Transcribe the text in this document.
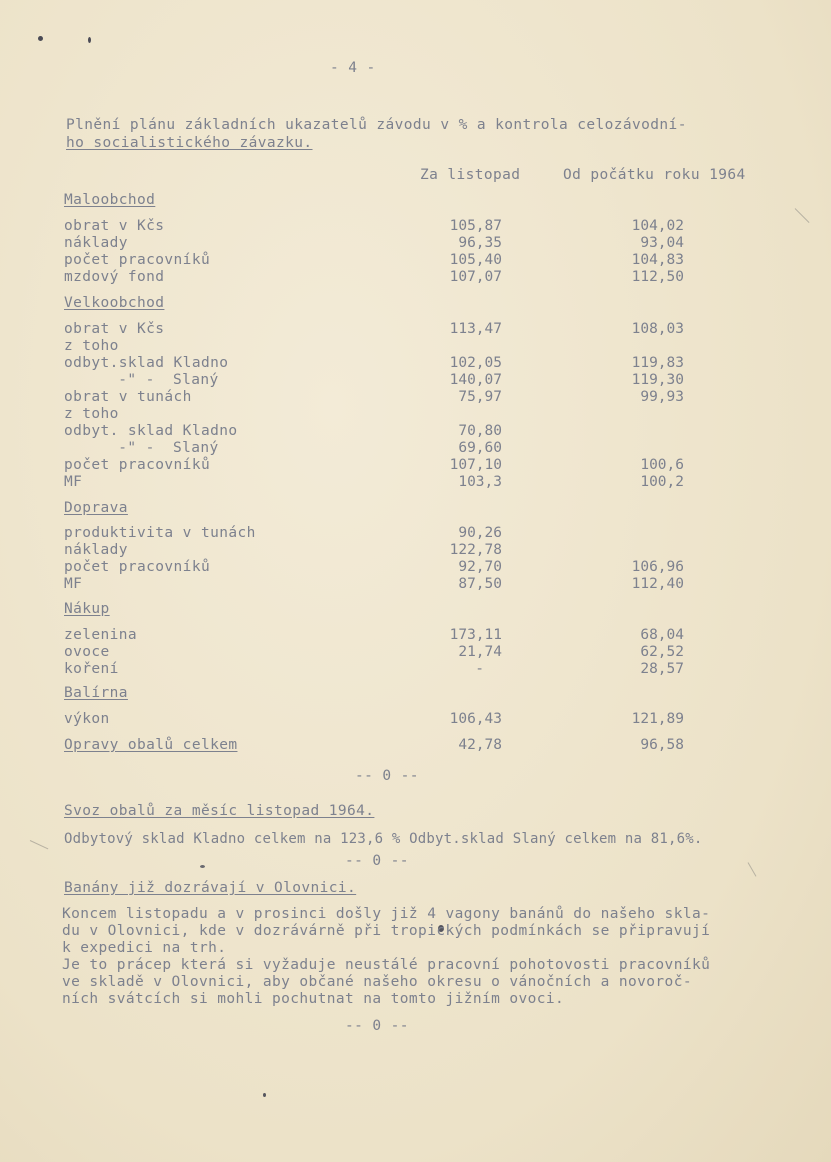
- 4 -
Plnění plánu základních ukazatelů závodu v % a kontrola celozávodní-
ho socialistického závazku.
Za listopad	Od počátku roku 1964
Maloobchod
obrat v Kčs	105,87	104,02
náklady	96,35	93,04
počet pracovníků	105,40	104,83
mzdový fond	107,07	112,50
Velkoobchod
obrat v Kčs	113,47	108,03
z toho
odbyt.sklad Kladno	102,05	119,83
-" -  Slaný	140,07	119,30
obrat v tunách	75,97	99,93
z toho
odbyt. sklad Kladno	70,80
-" -  Slaný	69,60
počet pracovníků	107,10	100,6
MF	103,3	100,2
Doprava
produktivita v tunách	90,26
náklady	122,78
počet pracovníků	92,70	106,96
MF	87,50	112,40
Nákup
zelenina	173,11	68,04
ovoce	21,74	62,52
koření	-	28,57
Balírna
výkon	106,43	121,89
Opravy obalů celkem	42,78	96,58
-- 0 --
Svoz obalů za měsíc listopad 1964.
Odbytový sklad Kladno celkem na 123,6 % Odbyt.sklad Slaný celkem na 81,6%.
-- 0 --
Banány již dozrávají v Olovnici.
Koncem listopadu a v prosinci došly již 4 vagony banánů do našeho skla-
du v Olovnici, kde v dozrávárně při tropických podmínkách se připravují
k expedici na trh.
Je to prácep která si vyžaduje neustálé pracovní pohotovosti pracovníků
ve skladě v Olovnici, aby občané našeho okresu o vánočních a novoroč-
ních svátcích si mohli pochutnat na tomto jižním ovoci.
-- 0 --
